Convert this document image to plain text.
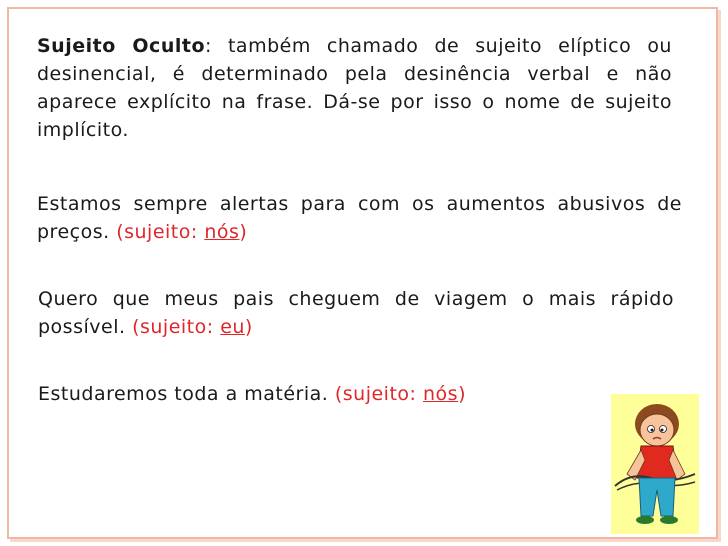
Sujeito Oculto: também chamado de sujeito elíptico ou desinencial, é determinado pela desinência verbal e não aparece explícito na frase. Dá-se por isso o nome de sujeito implícito.
Estamos sempre alertas para com os aumentos abusivos de preços. (sujeito: nós)
Quero que meus pais cheguem de viagem o mais rápido possível. (sujeito: eu)
Estudaremos toda a matéria. (sujeito: nós)
